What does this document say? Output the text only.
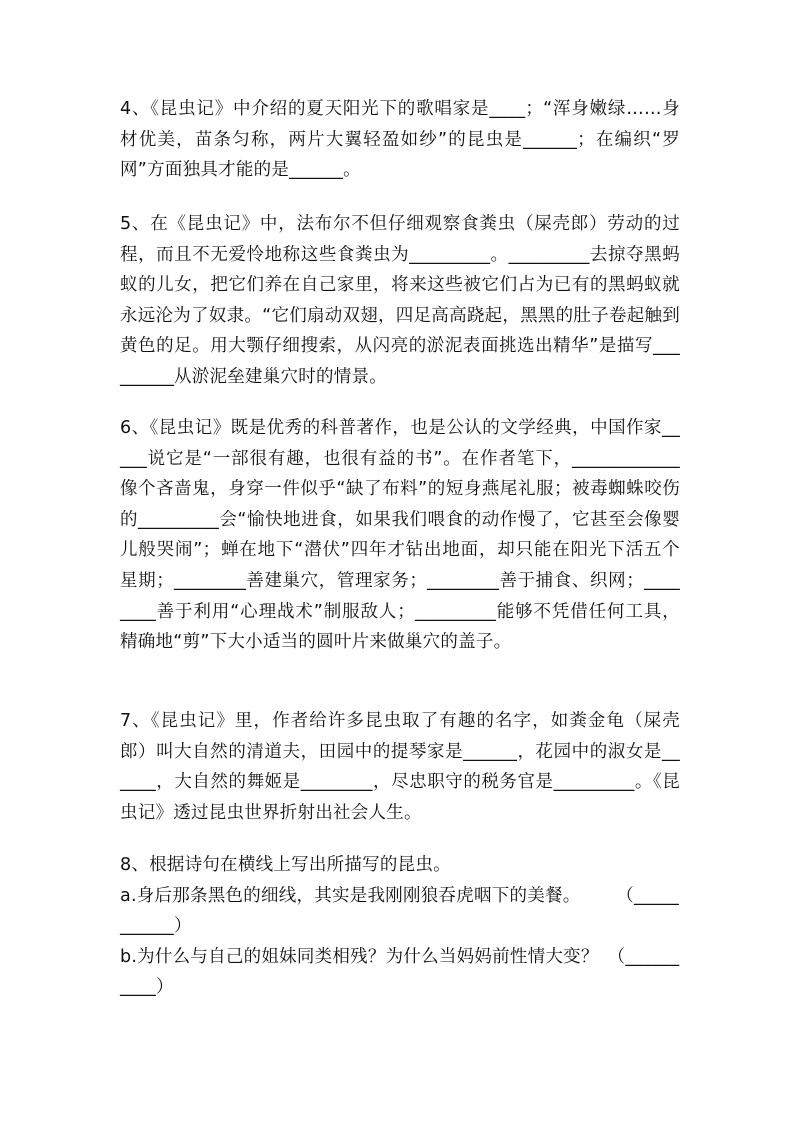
4、《昆虫记》中介绍的夏天阳光下的歌唱家是____；“浑身嫩绿……身材优美，苗条匀称，两片大翼轻盈如纱”的昆虫是______；在编织“罗网”方面独具才能的是______。

5、在《昆虫记》中，法布尔不但仔细观察食粪虫（屎壳郎）劳动的过程，而且不无爱怜地称这些食粪虫为_________。_________去掠夺黑蚂蚁的儿女，把它们养在自己家里，将来这些被它们占为已有的黑蚂蚁就永远沦为了奴隶。“它们扇动双翅，四足高高跷起，黑黑的肚子卷起触到黄色的足。用大颚仔细搜索，从闪亮的淤泥表面挑选出精华”是描写_________从淤泥垒建巢穴时的情景。

6、《昆虫记》既是优秀的科普著作，也是公认的文学经典，中国作家_____说它是“一部很有趣，也很有益的书”。在作者笔下，____________像个吝啬鬼，身穿一件似乎“缺了布料”的短身燕尾礼服；被毒蜘蛛咬伤的_________会“愉快地进食，如果我们喂食的动作慢了，它甚至会像婴儿般哭闹”；蝉在地下“潜伏”四年才钻出地面，却只能在阳光下活五个星期；________善建巢穴，管理家务；________善于捕食、织网；________善于利用“心理战术”制服敌人；_________能够不凭借任何工具，精确地“剪”下大小适当的圆叶片来做巢穴的盖子。

7、《昆虫记》里，作者给许多昆虫取了有趣的名字，如粪金龟（屎壳郎）叫大自然的清道夫，田园中的提琴家是______，花园中的淑女是______，大自然的舞姬是________，尽忠职守的税务官是_________。《昆虫记》透过昆虫世界折射出社会人生。

8、根据诗句在横线上写出所描写的昆虫。

a.身后那条黑色的细线，其实是我刚刚狼吞虎咽下的美餐。　　　（___________）

b.为什么与自己的姐妹同类相残？为什么当妈妈前性情大变？　（__________）
